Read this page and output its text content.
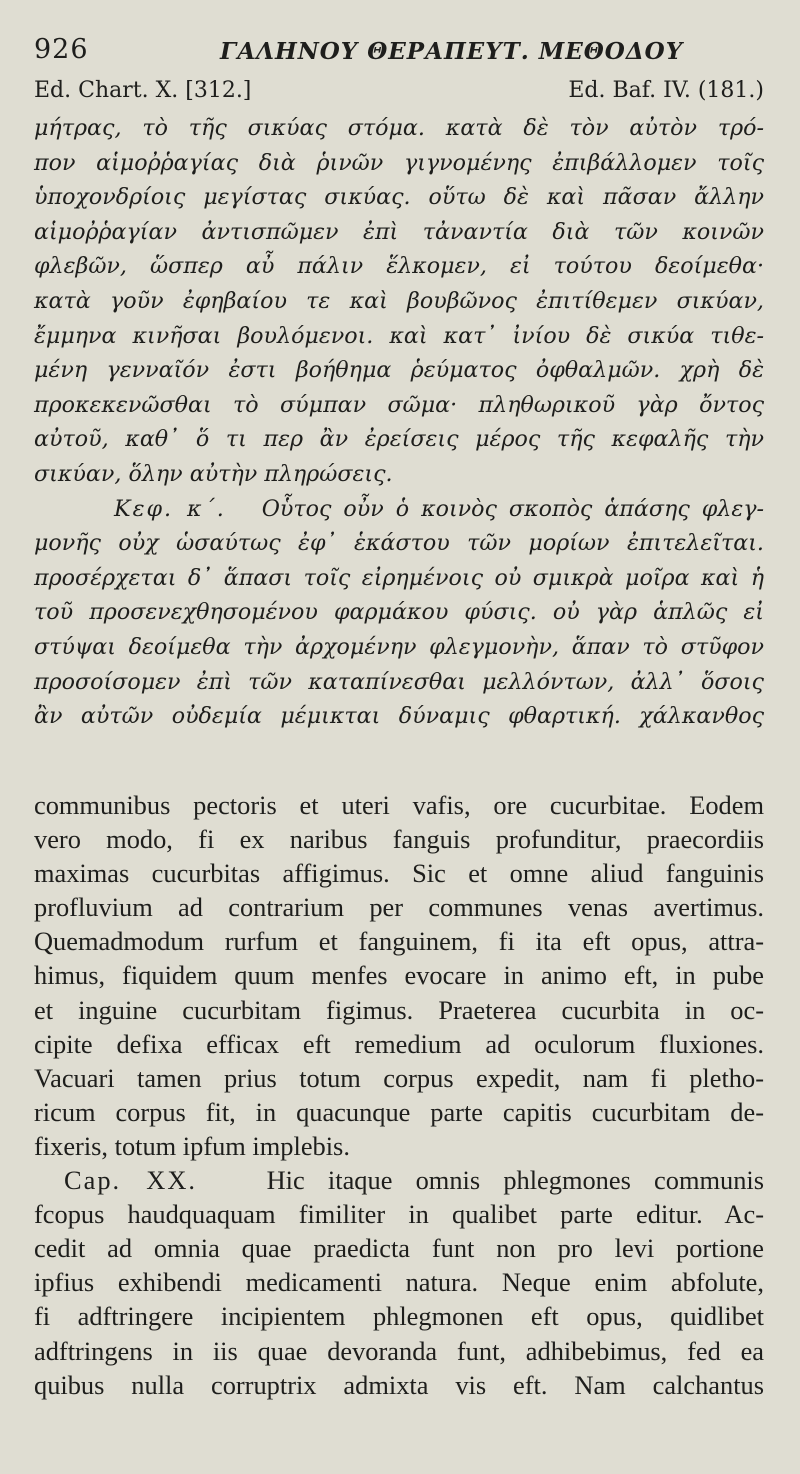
926	ΓΑΛΗΝΟΥ ΘΕΡΑΠΕΥΤ. ΜΕΘΟΔΟΥ
Ed. Chart. X. [312.]	Ed. Baf. IV. (181.)
μήτρας, τὸ τῆς σικύας στόμα. κατὰ δὲ τὸν αὐτὸν τρό-
πον αἱμοῤῥαγίας διὰ ῥινῶν γιγνομένης ἐπιβάλλομεν τοῖς
ὑποχονδρίοις μεγίστας σικύας. οὕτω δὲ καὶ πᾶσαν ἄλλην
αἱμοῤῥαγίαν ἀντισπῶμεν ἐπὶ τἀναντία διὰ τῶν κοινῶν
φλεβῶν, ὥσπερ αὖ πάλιν ἕλκομεν, εἰ τούτου δεοίμεθα·
κατὰ γοῦν ἐφηβαίου τε καὶ βουβῶνος ἐπιτίθεμεν σικύαν,
ἔμμηνα κινῆσαι βουλόμενοι. καὶ κατ᾿ ἰνίου δὲ σικύα τιθε-
μένη γενναῖόν ἐστι βοήθημα ῥεύματος ὀφθαλμῶν. χρὴ δὲ
προκεκενῶσθαι τὸ σύμπαν σῶμα· πληθωρικοῦ γὰρ ὄντος
αὐτοῦ, καθ᾿ ὅ τι περ ἂν ἐρείσεις μέρος τῆς κεφαλῆς τὴν
σικύαν, ὅλην αὐτὴν πληρώσεις.
Κεφ. κ΄. Οὗτος οὖν ὁ κοινὸς σκοπὸς ἁπάσης φλεγ-
μονῆς οὐχ ὡσαύτως ἐφ᾿ ἑκάστου τῶν μορίων ἐπιτελεῖται.
προσέρχεται δ᾿ ἅπασι τοῖς εἰρημένοις οὐ σμικρὰ μοῖρα καὶ ἡ
τοῦ προσενεχθησομένου φαρμάκου φύσις. οὐ γὰρ ἁπλῶς εἰ
στύψαι δεοίμεθα τὴν ἀρχομένην φλεγμονὴν, ἅπαν τὸ στῦφον
προσοίσομεν ἐπὶ τῶν καταπίνεσθαι μελλόντων, ἀλλ᾿ ὅσοις
ἂν αὐτῶν οὐδεμία μέμικται δύναμις φθαρτική. χάλκανθος
communibus pectoris et uteri vafis, ore cucurbitae. Eodem
vero modo, fi ex naribus fanguis profunditur, praecordiis
maximas cucurbitas affigimus. Sic et omne aliud fanguinis
profluvium ad contrarium per communes venas avertimus.
Quemadmodum rurfum et fanguinem, fi ita eft opus, attra-
himus, fiquidem quum menfes evocare in animo eft, in pube
et inguine cucurbitam figimus. Praeterea cucurbita in oc-
cipite defixa efficax eft remedium ad oculorum fluxiones.
Vacuari tamen prius totum corpus expedit, nam fi pletho-
ricum corpus fit, in quacunque parte capitis cucurbitam de-
fixeris, totum ipfum implebis.
Cap. XX.	Hic itaque omnis phlegmones communis
fcopus haudquaquam fimiliter in qualibet parte editur. Ac-
cedit ad omnia quae praedicta funt non pro levi portione
ipfius exhibendi medicamenti natura. Neque enim abfolute,
fi adftringere incipientem phlegmonen eft opus, quidlibet
adftringens in iis quae devoranda funt, adhibebimus, fed ea
quibus nulla corruptrix admixta vis eft. Nam calchantus
